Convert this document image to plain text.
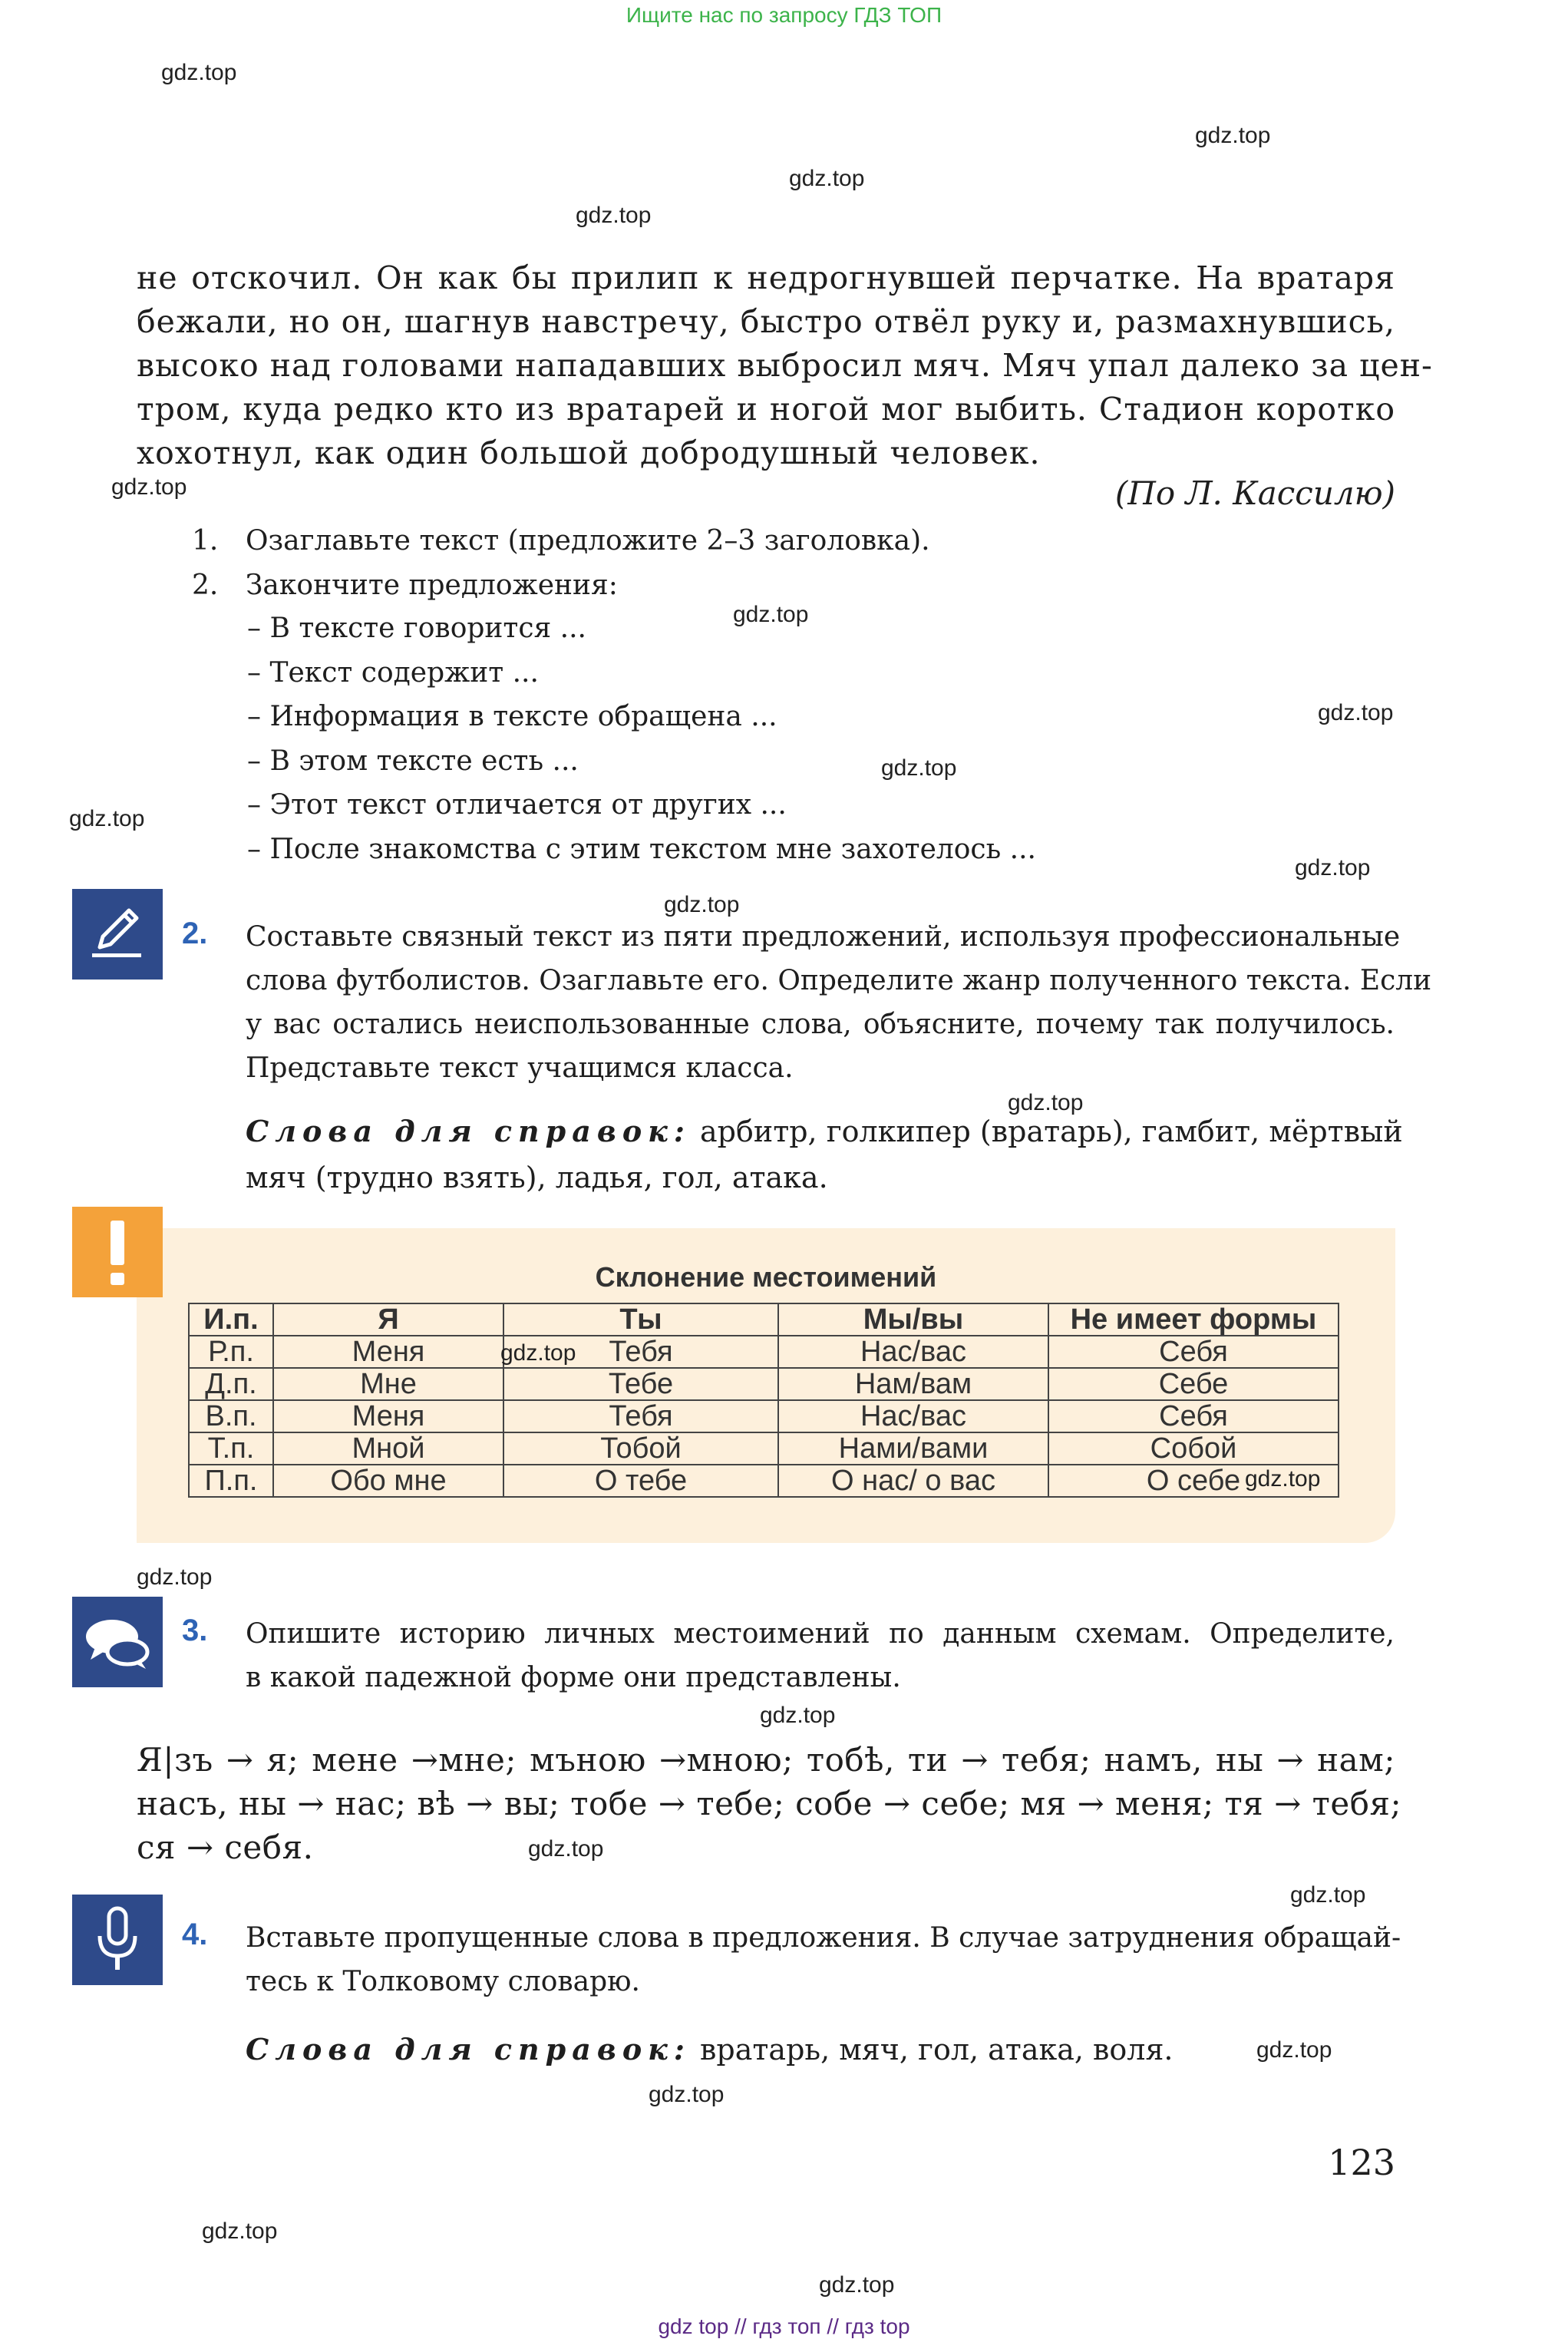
Ищите нас по запросу ГДЗ ТОП
gdz.top
gdz.top
gdz.top
gdz.top
gdz.top
gdz.top
gdz.top
gdz.top
gdz.top
gdz.top
gdz.top
gdz.top
gdz.top
gdz.top
gdz.top
gdz.top
gdz.top
gdz.top
gdz.top
gdz.top
не отскочил. Он как бы прилип к недрогнувшей перчатке. На вратаря
бежали, но он, шагнув навстречу, быстро отвёл руку и, размахнувшись,
высоко над головами нападавших выбросил мяч. Мяч упал далеко за цен-
тром, куда редко кто из вратарей и ногой мог выбить. Стадион коротко
хохотнул, как один большой добродушный человек.
(По Л. Кассилю)
1. Озаглавьте текст (предложите 2–3 заголовка).
2. Закончите предложения:
– В тексте говорится ...
– Текст содержит ...
– Информация в тексте обращена ...
– В этом тексте есть ...
– Этот текст отличается от других ...
– После знакомства с этим текстом мне захотелось ...
2. Составьте связный текст из пяти предложений, используя профессиональные
слова футболистов. Озаглавьте его. Определите жанр полученного текста. Если
у вас остались неиспользованные слова, объясните, почему так получилось.
Представьте текст учащимся класса.
Слова для справок: арбитр, голкипер (вратарь), гамбит, мёртвый
мяч (трудно взять), ладья, гол, атака.
Склонение местоимений
И.п.	Я	Ты	Мы/вы	Не имеет формы
Р.п.	Меня	Тебя	Нас/вас	Себя
Д.п.	Мне	Тебе	Нам/вам	Себе
В.п.	Меня	Тебя	Нас/вас	Себя
Т.п.	Мной	Тобой	Нами/вами	Собой
П.п.	Обо мне	О тебе	О нас/ о вас	О себе
gdz.top
gdz.top
3. Опишите историю личных местоимений по данным схемам. Определите,
в какой падежной форме они представлены.
Я|зъ → я; мене →мне; мъною →мною; тобѣ, ти → тебя; намъ, ны → нам;
насъ, ны → нас; вѣ → вы; тобе → тебе; собе → себе; мя → меня; тя → тебя;
ся → себя.
4. Вставьте пропущенные слова в предложения. В случае затруднения обращай-
тесь к Толковому словарю.
Слова для справок: вратарь, мяч, гол, атака, воля.
123
gdz top // гдз топ // гдз top
